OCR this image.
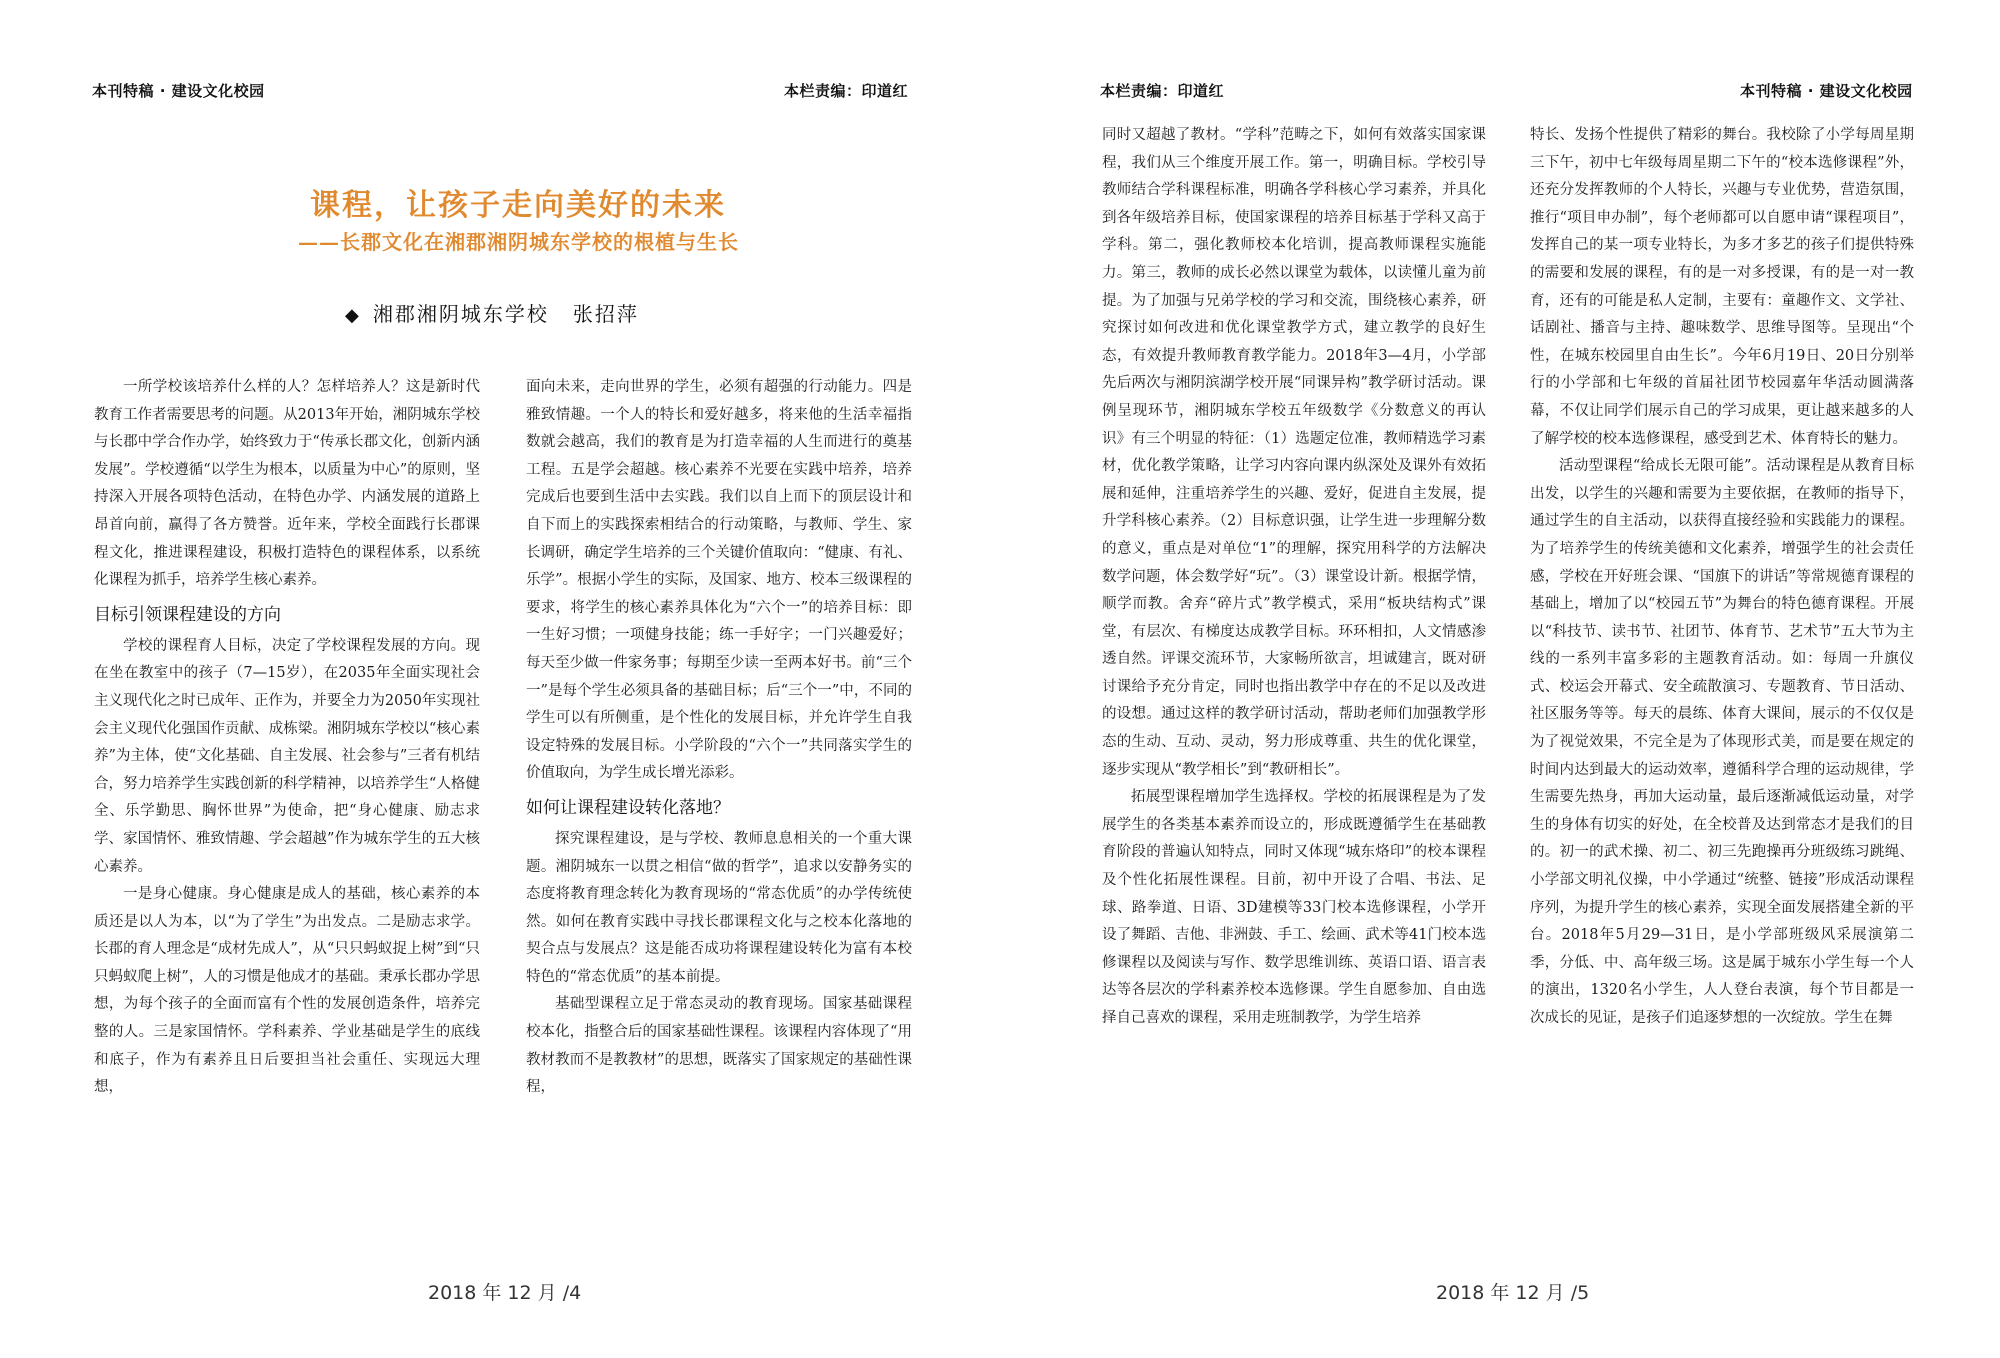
本刊特稿 · 建设文化校园	本栏责编：印道红
课程，让孩子走向美好的未来
——长郡文化在湘郡湘阴城东学校的根植与生长
◆ 湘郡湘阴城东学校 张招萍

一所学校该培养什么样的人？怎样培养人？这是新时代教育工作者需要思考的问题。从2013年开始，湘阴城东学校与长郡中学合作办学，始终致力于“传承长郡文化，创新内涵发展”。学校遵循“以学生为根本，以质量为中心”的原则，坚持深入开展各项特色活动，在特色办学、内涵发展的道路上昂首向前，赢得了各方赞誉。近年来，学校全面践行长郡课程文化，推进课程建设，积极打造特色的课程体系，以系统化课程为抓手，培养学生核心素养。

目标引领课程建设的方向

学校的课程育人目标，决定了学校课程发展的方向。现在坐在教室中的孩子（7—15岁），在2035年全面实现社会主义现代化之时已成年、正作为，并要全力为2050年实现社会主义现代化强国作贡献、成栋梁。湘阴城东学校以“核心素养”为主体，使“文化基础、自主发展、社会参与”三者有机结合，努力培养学生实践创新的科学精神，以培养学生“人格健全、乐学勤思、胸怀世界”为使命，把“身心健康、励志求学、家国情怀、雅致情趣、学会超越”作为城东学生的五大核心素养。

一是身心健康。身心健康是成人的基础，核心素养的本质还是以人为本，以“为了学生”为出发点。二是励志求学。长郡的育人理念是“成材先成人”，从“只只蚂蚁捉上树”到“只只蚂蚁爬上树”，人的习惯是他成才的基础。秉承长郡办学思想，为每个孩子的全面而富有个性的发展创造条件，培养完整的人。三是家国情怀。学科素养、学业基础是学生的底线和底子，作为有素养且日后要担当社会重任、实现远大理想，

面向未来，走向世界的学生，必须有超强的行动能力。四是雅致情趣。一个人的特长和爱好越多，将来他的生活幸福指数就会越高，我们的教育是为打造幸福的人生而进行的奠基工程。五是学会超越。核心素养不光要在实践中培养，培养完成后也要到生活中去实践。我们以自上而下的顶层设计和自下而上的实践探索相结合的行动策略，与教师、学生、家长调研，确定学生培养的三个关键价值取向：“健康、有礼、乐学”。根据小学生的实际，及国家、地方、校本三级课程的要求，将学生的核心素养具体化为“六个一”的培养目标：即一生好习惯；一项健身技能；练一手好字；一门兴趣爱好；每天至少做一件家务事；每期至少读一至两本好书。前“三个一”是每个学生必须具备的基础目标；后“三个一”中，不同的学生可以有所侧重，是个性化的发展目标，并允许学生自我设定特殊的发展目标。小学阶段的“六个一”共同落实学生的价值取向，为学生成长增光添彩。

如何让课程建设转化落地？

探究课程建设，是与学校、教师息息相关的一个重大课题。湘阴城东一以贯之相信“做的哲学”，追求以安静务实的态度将教育理念转化为教育现场的“常态优质”的办学传统使然。如何在教育实践中寻找长郡课程文化与之校本化落地的契合点与发展点？这是能否成功将课程建设转化为富有本校特色的“常态优质”的基本前提。

基础型课程立足于常态灵动的教育现场。国家基础课程校本化，指整合后的国家基础性课程。该课程内容体现了“用教材教而不是教教材”的思想，既落实了国家规定的基础性课程，

2018 年 12 月 /4
本栏责编：印道红	本刊特稿 · 建设文化校园

同时又超越了教材。“学科”范畴之下，如何有效落实国家课程，我们从三个维度开展工作。第一，明确目标。学校引导教师结合学科课程标准，明确各学科核心学习素养，并具化到各年级培养目标，使国家课程的培养目标基于学科又高于学科。第二，强化教师校本化培训，提高教师课程实施能力。第三，教师的成长必然以课堂为载体，以读懂儿童为前提。为了加强与兄弟学校的学习和交流，围绕核心素养，研究探讨如何改进和优化课堂教学方式，建立教学的良好生态，有效提升教师教育教学能力。2018年3—4月，小学部先后两次与湘阴滨湖学校开展“同课异构”教学研讨活动。课例呈现环节，湘阴城东学校五年级数学《分数意义的再认识》有三个明显的特征：（1）选题定位准，教师精选学习素材，优化教学策略，让学习内容向课内纵深处及课外有效拓展和延伸，注重培养学生的兴趣、爱好，促进自主发展，提升学科核心素养。（2）目标意识强，让学生进一步理解分数的意义，重点是对单位“1”的理解，探究用科学的方法解决数学问题，体会数学好“玩”。（3）课堂设计新。根据学情，顺学而教。舍弃“碎片式”教学模式，采用“板块结构式”课堂，有层次、有梯度达成教学目标。环环相扣，人文情感渗透自然。评课交流环节，大家畅所欲言，坦诚建言，既对研讨课给予充分肯定，同时也指出教学中存在的不足以及改进的设想。通过这样的教学研讨活动，帮助老师们加强教学形态的生动、互动、灵动，努力形成尊重、共生的优化课堂，逐步实现从“教学相长”到“教研相长”。

拓展型课程增加学生选择权。学校的拓展课程是为了发展学生的各类基本素养而设立的，形成既遵循学生在基础教育阶段的普遍认知特点，同时又体现“城东烙印”的校本课程及个性化拓展性课程。目前，初中开设了合唱、书法、足球、路拳道、日语、3D建模等33门校本选修课程，小学开设了舞蹈、吉他、非洲鼓、手工、绘画、武术等41门校本选修课程以及阅读与写作、数学思维训练、英语口语、语言表达等各层次的学科素养校本选修课。学生自愿参加、自由选择自己喜欢的课程，采用走班制教学，为学生培养

特长、发扬个性提供了精彩的舞台。我校除了小学每周星期三下午，初中七年级每周星期二下午的“校本选修课程”外，还充分发挥教师的个人特长，兴趣与专业优势，营造氛围，推行“项目申办制”，每个老师都可以自愿申请“课程项目”，发挥自己的某一项专业特长，为多才多艺的孩子们提供特殊的需要和发展的课程，有的是一对多授课，有的是一对一教育，还有的可能是私人定制，主要有：童趣作文、文学社、话剧社、播音与主持、趣味数学、思维导图等。呈现出“个性，在城东校园里自由生长”。今年6月19日、20日分别举行的小学部和七年级的首届社团节校园嘉年华活动圆满落幕，不仅让同学们展示自己的学习成果，更让越来越多的人了解学校的校本选修课程，感受到艺术、体育特长的魅力。

活动型课程“给成长无限可能”。活动课程是从教育目标出发，以学生的兴趣和需要为主要依据，在教师的指导下，通过学生的自主活动，以获得直接经验和实践能力的课程。为了培养学生的传统美德和文化素养，增强学生的社会责任感，学校在开好班会课、“国旗下的讲话”等常规德育课程的基础上，增加了以“校园五节”为舞台的特色德育课程。开展以“科技节、读书节、社团节、体育节、艺术节”五大节为主线的一系列丰富多彩的主题教育活动。如：每周一升旗仪式、校运会开幕式、安全疏散演习、专题教育、节日活动、社区服务等等。每天的晨练、体育大课间，展示的不仅仅是为了视觉效果，不完全是为了体现形式美，而是要在规定的时间内达到最大的运动效率，遵循科学合理的运动规律，学生需要先热身，再加大运动量，最后逐渐减低运动量，对学生的身体有切实的好处，在全校普及达到常态才是我们的目的。初一的武术操、初二、初三先跑操再分班级练习跳绳、小学部文明礼仪操，中小学通过“统整、链接”形成活动课程序列，为提升学生的核心素养，实现全面发展搭建全新的平台。2018年5月29—31日，是小学部班级风采展演第二季，分低、中、高年级三场。这是属于城东小学生每一个人的演出，1320名小学生，人人登台表演，每个节目都是一次成长的见证，是孩子们追逐梦想的一次绽放。学生在舞

2018 年 12 月 /5
